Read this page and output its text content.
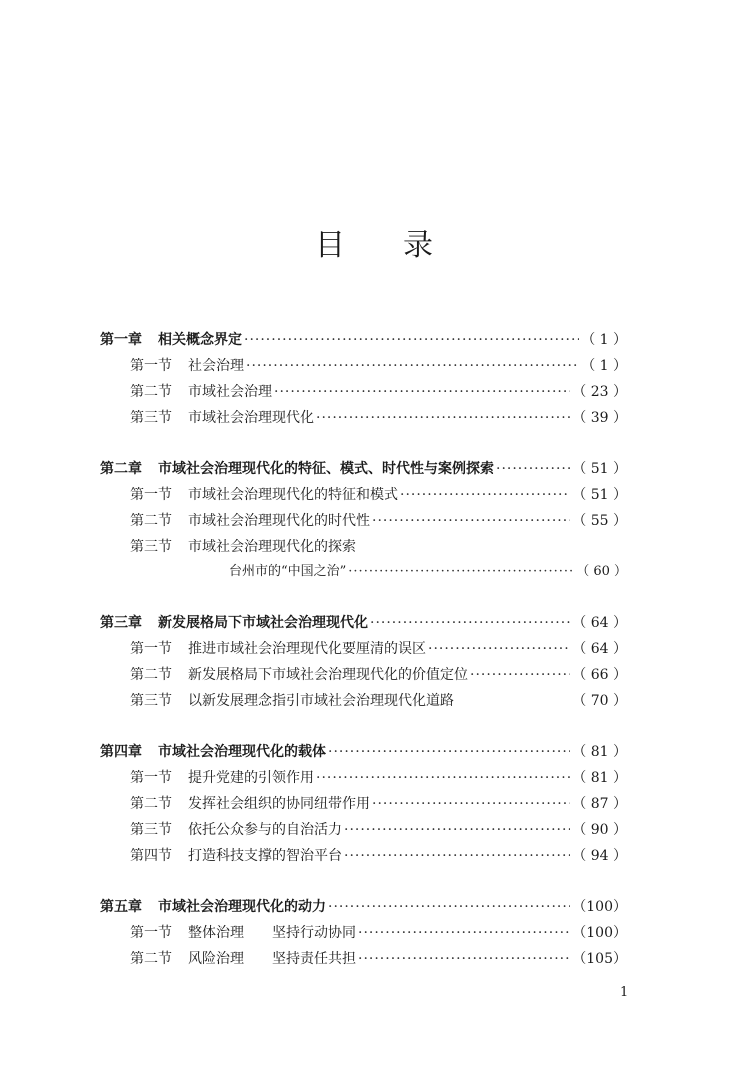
目 录
第一章 相关概念界定 ·····	（ 1 ）
第一节 社会治理 ·····	（ 1 ）
第二节 市域社会治理 ·····	（ 23 ）
第三节 市域社会治理现代化 ·····	（ 39 ）
第二章 市域社会治理现代化的特征、模式、时代性与案例探索 ·····	（ 51 ）
第一节 市域社会治理现代化的特征和模式 ·····	（ 51 ）
第二节 市域社会治理现代化的时代性 ·····	（ 55 ）
第三节 市域社会治理现代化的探索
台州市的“中国之治” ·····	（ 60 ）
第三章 新发展格局下市域社会治理现代化 ·····	（ 64 ）
第一节 推进市域社会治理现代化要厘清的误区 ·····	（ 64 ）
第二节 新发展格局下市域社会治理现代化的价值定位 ·····	（ 66 ）
第三节 以新发展理念指引市域社会治理现代化道路	（ 70 ）
第四章 市域社会治理现代化的载体 ·····	（ 81 ）
第一节 提升党建的引领作用 ·····	（ 81 ）
第二节 发挥社会组织的协同纽带作用 ·····	（ 87 ）
第三节 依托公众参与的自治活力 ·····	（ 90 ）
第四节 打造科技支撑的智治平台 ·····	（ 94 ）
第五章 市域社会治理现代化的动力 ·····	（100）
第一节 整体治理　　坚持行动协同 ·····	（100）
第二节 风险治理　　坚持责任共担 ·····	（105）
1
